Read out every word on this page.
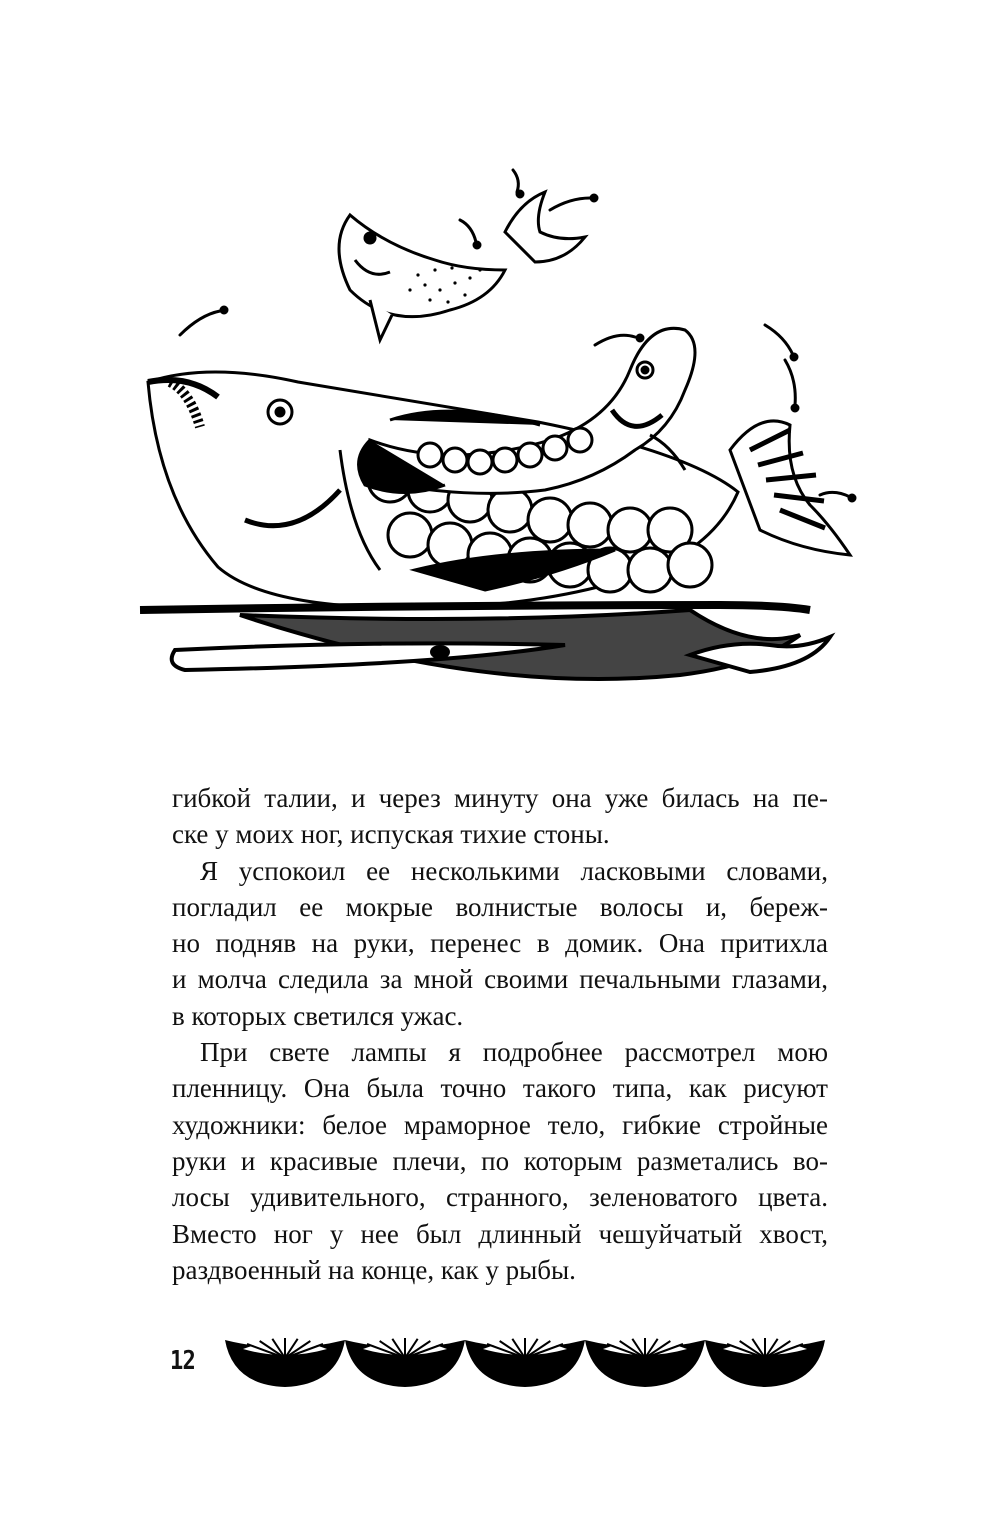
гибкой талии, и через минуту она уже билась на пе-
ске у моих ног, испуская тихие стоны.

Я успокоил ее несколькими ласковыми словами,
погладил ее мокрые волнистые волосы и, береж-
но подняв на руки, перенес в домик. Она притихла
и молча следила за мной своими печальными глазами,
в которых светился ужас.

При свете лампы я подробнее рассмотрел мою
пленницу. Она была точно такого типа, как рисуют
художники: белое мраморное тело, гибкие стройные
руки и красивые плечи, по которым разметались во-
лосы удивительного, странного, зеленоватого цвета.
Вместо ног у нее был длинный чешуйчатый хвост,
раздвоенный на конце, как у рыбы.

12
